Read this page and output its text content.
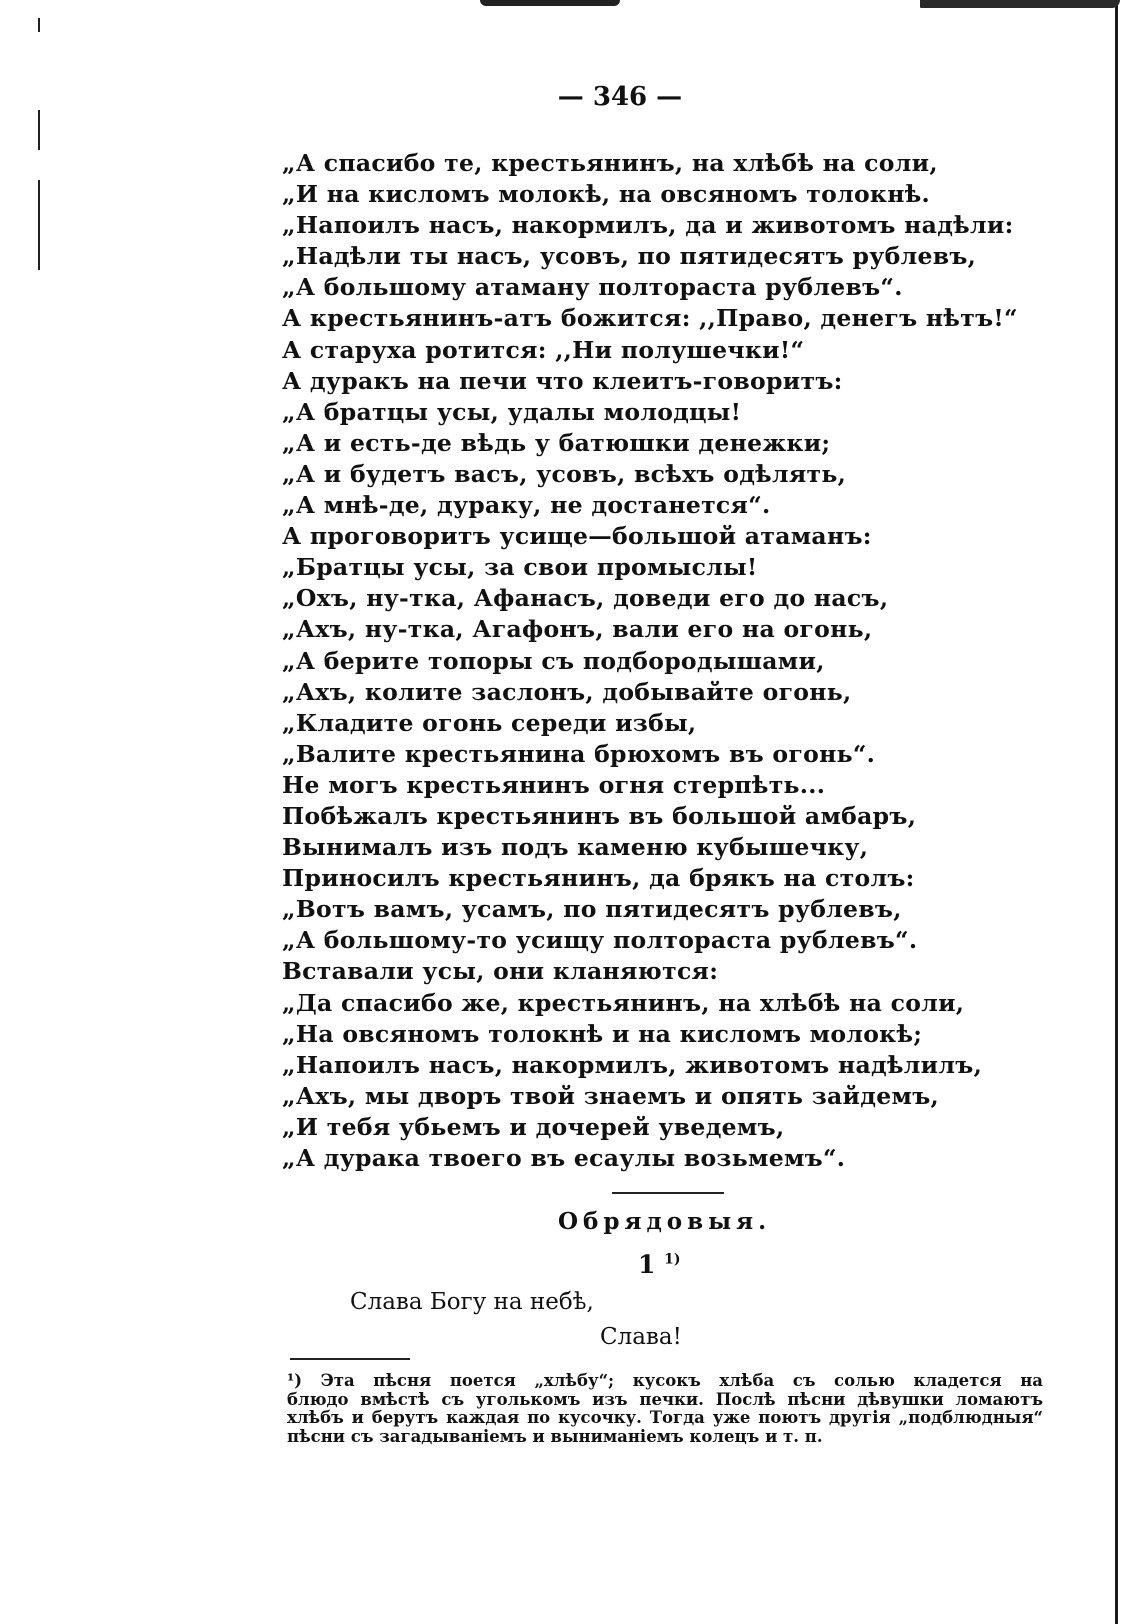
— 346 —
„А спасибо те, крестьянинъ, на хлѣбѣ на соли,
„И на кисломъ молокѣ, на овсяномъ толокнѣ.
„Напоилъ насъ, накормилъ, да и животомъ надѣли:
„Надѣли ты насъ, усовъ, по пятидесятъ рублевъ,
„А большому атаману полтораста рублевъ“.
А крестьянинъ-атъ божится: ,,Право, денегъ нѣтъ!“
А старуха ротится: ,,Ни полушечки!“
А дуракъ на печи что клеитъ-говоритъ:
„А братцы усы, удалы молодцы!
„А и есть-де вѣдь у батюшки денежки;
„А и будетъ васъ, усовъ, всѣхъ одѣлять,
„А мнѣ-де, дураку, не достанется“.
А проговоритъ усище—большой атаманъ:
„Братцы усы, за свои промыслы!
„Охъ, ну-тка, Афанасъ, доведи его до насъ,
„Ахъ, ну-тка, Агафонъ, вали его на огонь,
„А берите топоры съ подбородышами,
„Ахъ, колите заслонъ, добывайте огонь,
„Кладите огонь середи избы,
„Валите крестьянина брюхомъ въ огонь“.
Не могъ крестьянинъ огня стерпѣть...
Побѣжалъ крестьянинъ въ большой амбаръ,
Вынималъ изъ подъ каменю кубышечку,
Приносилъ крестьянинъ, да брякъ на столъ:
„Вотъ вамъ, усамъ, по пятидесятъ рублевъ,
„А большому-то усищу полтораста рублевъ“.
Вставали усы, они кланяются:
„Да спасибо же, крестьянинъ, на хлѣбѣ на соли,
„На овсяномъ толокнѣ и на кисломъ молокѣ;
„Напоилъ насъ, накормилъ, животомъ надѣлилъ,
„Ахъ, мы дворъ твой знаемъ и опять зайдемъ,
„И тебя убьемъ и дочерей уведемъ,
„А дурака твоего въ есаулы возьмемъ“.
Обрядовыя.
1 $^{1)}$
Слава Богу на небѣ,
Слава!
¹) Эта пѣсня поется „хлѣбу“; кусокъ хлѣба съ солью кладется на
блюдо вмѣстѣ съ уголькомъ изъ печки. Послѣ пѣсни дѣвушки ломаютъ
хлѣбъ и берутъ каждая по кусочку. Тогда уже поютъ другія „подблюдныя“
пѣсни съ загадываніемъ и выниманіемъ колецъ и т. п.
